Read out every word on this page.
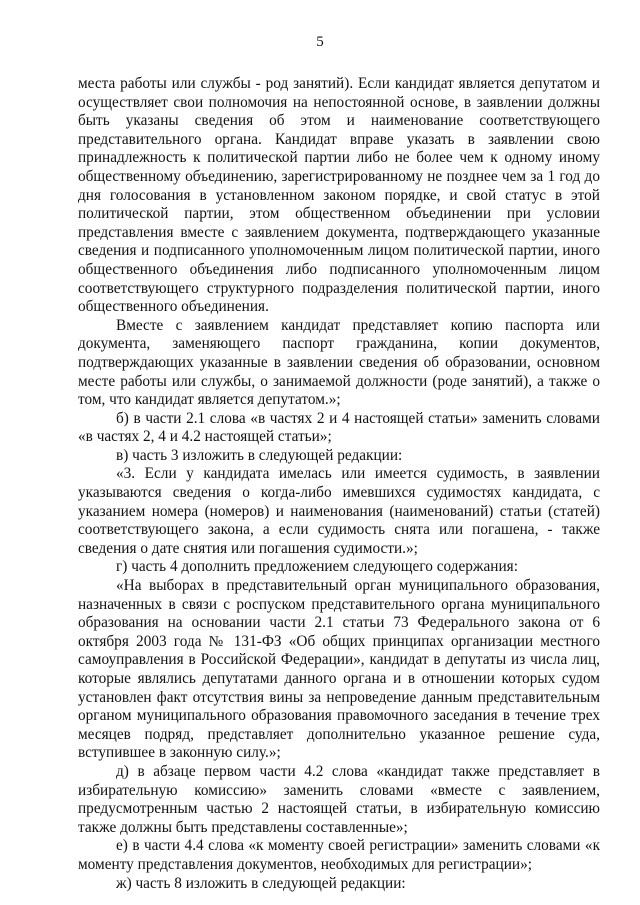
5

места работы или службы - род занятий). Если кандидат является депутатом и осуществляет свои полномочия на непостоянной основе, в заявлении должны быть указаны сведения об этом и наименование соответствующего представительного органа. Кандидат вправе указать в заявлении свою принадлежность к политической партии либо не более чем к одному иному общественному объединению, зарегистрированному не позднее чем за 1 год до дня голосования в установленном законом порядке, и свой статус в этой политической партии, этом общественном объединении при условии представления вместе с заявлением документа, подтверждающего указанные сведения и подписанного уполномоченным лицом политической партии, иного общественного объединения либо подписанного уполномоченным лицом соответствующего структурного подразделения политической партии, иного общественного объединения.

Вместе с заявлением кандидат представляет копию паспорта или документа, заменяющего паспорт гражданина, копии документов, подтверждающих указанные в заявлении сведения об образовании, основном месте работы или службы, о занимаемой должности (роде занятий), а также о том, что кандидат является депутатом.»;

б) в части 2.1 слова «в частях 2 и 4 настоящей статьи» заменить словами «в частях 2, 4 и 4.2 настоящей статьи»;

в) часть 3 изложить в следующей редакции:

«3. Если у кандидата имелась или имеется судимость, в заявлении указываются сведения о когда-либо имевшихся судимостях кандидата, с указанием номера (номеров) и наименования (наименований) статьи (статей) соответствующего закона, а если судимость снята или погашена, - также сведения о дате снятия или погашения судимости.»;

г) часть 4 дополнить предложением следующего содержания:

«На выборах в представительный орган муниципального образования, назначенных в связи с роспуском представительного органа муниципального образования на основании части 2.1 статьи 73 Федерального закона от 6 октября 2003 года № 131-ФЗ «Об общих принципах организации местного самоуправления в Российской Федерации», кандидат в депутаты из числа лиц, которые являлись депутатами данного органа и в отношении которых судом установлен факт отсутствия вины за непроведение данным представительным органом муниципального образования правомочного заседания в течение трех месяцев подряд, представляет дополнительно указанное решение суда, вступившее в законную силу.»;

д) в абзаце первом части 4.2 слова «кандидат также представляет в избирательную комиссию» заменить словами «вместе с заявлением, предусмотренным частью 2 настоящей статьи, в избирательную комиссию также должны быть представлены составленные»;

е) в части 4.4 слова «к моменту своей регистрации» заменить словами «к моменту представления документов, необходимых для регистрации»;

ж) часть 8 изложить в следующей редакции:
